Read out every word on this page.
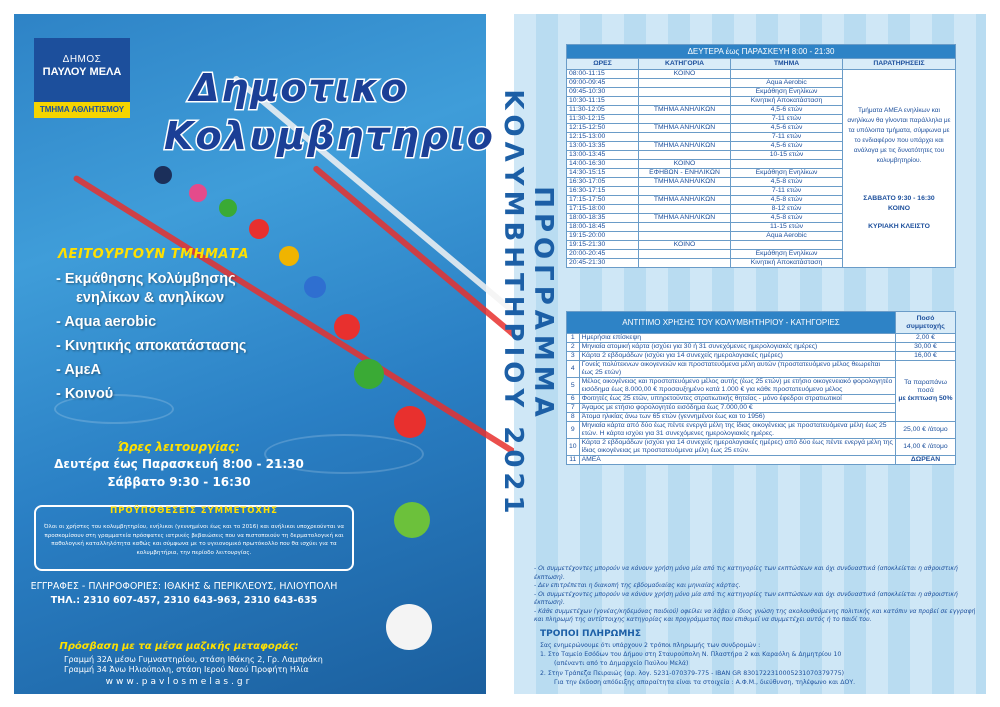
ΔΗΜΟΣ
ΠΑΥΛΟΥ ΜΕΛΑ
ΤΜΗΜΑ ΑΘΛΗΤΙΣΜΟΥ Δημοτικο
Κολυμβητηριο
ΛΕΙΤΟΥΡΓΟΥΝ ΤΜΗΜΑΤΑ
- Εκμάθησης Κολύμβησης
ενηλίκων & ανηλίκων
- Aqua aerobic
- Κινητικής αποκατάστασης
- ΑμεΑ
- Κοινού
Ώρες λειτουργίας:
Δευτέρα έως Παρασκευή 8:00 - 21:30
Σάββατο 9:30 - 16:30
ΠΡΟΫΠΟΘΕΣΕΙΣ ΣΥΜΜΕΤΟΧΗΣ
Όλοι οι χρήστες του κολυμβητηρίου, ενήλικοι (γεννημένοι έως και το 2016) και ανήλικοι υποχρεούνται να προσκομίσουν στη γραμματεία πρόσφατες ιατρικές βεβαιώσεις που να πιστοποιούν τη δερματολογική και παθολογική καταλληλότητα καθώς και σύμφωνα με το υγειονομικό πρωτόκολλο που θα ισχύει για τα κολυμβητήρια, την περίοδο λειτουργίας.
ΕΓΓΡΑΦΕΣ - ΠΛΗΡΟΦΟΡΙΕΣ: ΙΘΑΚΗΣ & ΠΕΡΙΚΛΕΟΥΣ, ΗΛΙΟΥΠΟΛΗ
ΤΗΛ.: 2310 607-457, 2310 643-963, 2310 643-635
Πρόσβαση με τα μέσα μαζικής μεταφοράς:
Γραμμή 32Α μέσω Γυμναστηρίου, στάση Ιθάκης 2, Γρ. Λαμπράκη
Γραμμή 34 Άνω Ηλιούπολη, στάση Ιερού Ναού Προφήτη Ηλία
www.pavlosmelas.gr
ΠΡΟΓΡΑΜΜΑ ΚΟΛΥΜΒΗΤΗΡΙΟΥ 2021
ΔΕΥΤΕΡΑ έως ΠΑΡΑΣΚΕΥΗ 8:00 - 21:30			
ΩΡΕΣ	ΚΑΤΗΓΟΡΙΑ	ΤΜΗΜΑ	ΠΑΡΑΤΗΡΗΣΕΙΣ
08:00-11:15	ΚΟΙΝΟ		Τμήματα ΑΜΕΑ ενηλίκων και ανηλίκων θα γίνονται παράλληλα με τα υπόλοιπα τμήματα, σύμφωνα με το ενδιαφέρον που υπάρχει και ανάλογα με τις δυνατότητες του κολυμβητηρίου.
ΣΑΒΒΑΤΟ 9:30 - 16:30
ΚΟΙΝΟ
ΚΥΡΙΑΚΗ ΚΛΕΙΣΤΟ

09:00-09:45		Aqua Aerobic	
09:45-10:30		Εκμάθηση Ενηλίκων	
10:30-11:15		Κινητική Αποκατάσταση	
11:30-12:05	ΤΜΗΜΑ ΑΝΗΛΙΚΩΝ	4,5-6 ετών	
11:30-12:15		7-11 ετών	
12:15-12:50	ΤΜΗΜΑ ΑΝΗΛΙΚΩΝ	4,5-6 ετών	
12:15-13:00		7-11 ετών	
13:00-13:35	ΤΜΗΜΑ ΑΝΗΛΙΚΩΝ	4,5-6 ετών	
13:00-13:45		10-15 ετών	
14:00-16:30	ΚΟΙΝΟ		
14:30-15:15	ΕΦΗΒΩΝ - ΕΝΗΛΙΚΩΝ	Εκμάθηση Ενηλίκων	
16:30-17:05	ΤΜΗΜΑ ΑΝΗΛΙΚΩΝ	4,5-8 ετών	
16:30-17:15		7-11 ετών	
17:15-17:50	ΤΜΗΜΑ ΑΝΗΛΙΚΩΝ	4,5-8 ετών	
17:15-18:00		8-12 ετών	
18:00-18:35	ΤΜΗΜΑ ΑΝΗΛΙΚΩΝ	4,5-8 ετών	
18:00-18:45		11-15 ετών	
19:15-20:00		Aqua Aerobic	
19:15-21:30	ΚΟΙΝΟ		
20:00-20:45		Εκμάθηση Ενηλίκων	
20:45-21:30		Κινητική Αποκατάσταση	
ΑΝΤΙΤΙΜΟ ΧΡΗΣΗΣ ΤΟΥ ΚΟΛΥΜΒΗΤΗΡΙΟΥ - ΚΑΤΗΓΟΡΙΕΣ		Ποσό συμμετοχής
1	Ημερήσια επίσκεψη	2,00 €
2	Μηνιαία ατομική κάρτα (ισχύει για 30 ή 31 συνεχόμενες ημερολογιακές ημέρες)	30,00 €
3	Κάρτα 2 εβδομάδων (ισχύει για 14 συνεχείς ημερολογιακές ημέρες)	16,00 €
4	Γονείς πολύτεκνων οικογενειών και προστατευόμενα μέλη αυτών (προστατευόμενο μέλος θεωρείται έως 25 ετών)	Τα παραπάνω ποσά
με έκπτωση 50%

5	Μέλος οικογένειας και προστατευόμενο μέλος αυτής (έως 25 ετών) με ετήσιο οικογενειακό φορολογητέο εισόδημα έως 8.000,00 € προσαυξημένο κατά 1.000 € για κάθε προστατευόμενο μέλος	
6	Φοιτητές έως 25 ετών, υπηρετούντες στρατιωτικής θητείας - μόνο έφεδροι στρατιωτικοί	
7	Άγαμος με ετήσιο φορολογητέο εισόδημα έως 7.000,00 €	
8	Άτομα ηλικίας άνω των 65 ετών (γεννημένοι έως και το 1956)	
9	Μηνιαία κάρτα από δύο έως πέντε ενεργά μέλη της ίδιας οικογένειας με προστατευόμενα μέλη έως 25 ετών. Η κάρτα ισχύει για 31 συνεχόμενες ημερολογιακές ημέρες.	25,00 € /άτομο
10	Κάρτα 2 εβδομάδων (ισχύει για 14 συνεχείς ημερολογιακές ημέρες) από δύο έως πέντε ενεργά μέλη της ίδιας οικογένειας με προστατευόμενα μέλη έως 25 ετών.	14,00 € /άτομο
11	ΑΜΕΑ	ΔΩΡΕΑΝ
- Οι συμμετέχοντες μπορούν να κάνουν χρήση μόνο μία από τις κατηγορίες των εκπτώσεων και όχι συνδυαστικά (αποκλείεται η αθροιστική έκπτωση).
- Δεν επιτρέπεται η διακοπή της εβδομαδιαίας και μηνιαίας κάρτας.
- Οι συμμετέχοντες μπορούν να κάνουν χρήση μόνο μία από τις κατηγορίες των εκπτώσεων και όχι συνδυαστικά (αποκλείεται η αθροιστική έκπτωση).
- Κάθε συμμετέχων (γονέας/κηδεμόνας παιδιού) οφείλει να λάβει ο ίδιος γνώση της ακολουθούμενης πολιτικής και κατόπιν να προβεί σε εγγραφή και πληρωμή της αντίστοιχης κατηγορίας και προγράμματος που επιθυμεί να συμμετέχει αυτός ή το παιδί του.
ΤΡΟΠΟΙ ΠΛΗΡΩΜΗΣ
Σας ενημερώνουμε ότι υπάρχουν 2 τρόποι πληρωμής των συνδρομών :
1. Στο Ταμείο Εσόδων του Δήμου στη Σταυρούπολη Ν. Πλαστήρα 2 και Καραόλη & Δημητρίου 10
(απέναντι από το Δημαρχείο Παύλου Μελά)
2. Στην Τράπεζα Πειραιώς (αρ. λογ. 5231-070379-775 - IBAN GR 8301722310005231070379775)
Για την έκδοση απόδειξης απαραίτητα είναι τα στοιχεία : Α.Φ.Μ., διεύθυνση, τηλέφωνο και ΔΟΥ.
